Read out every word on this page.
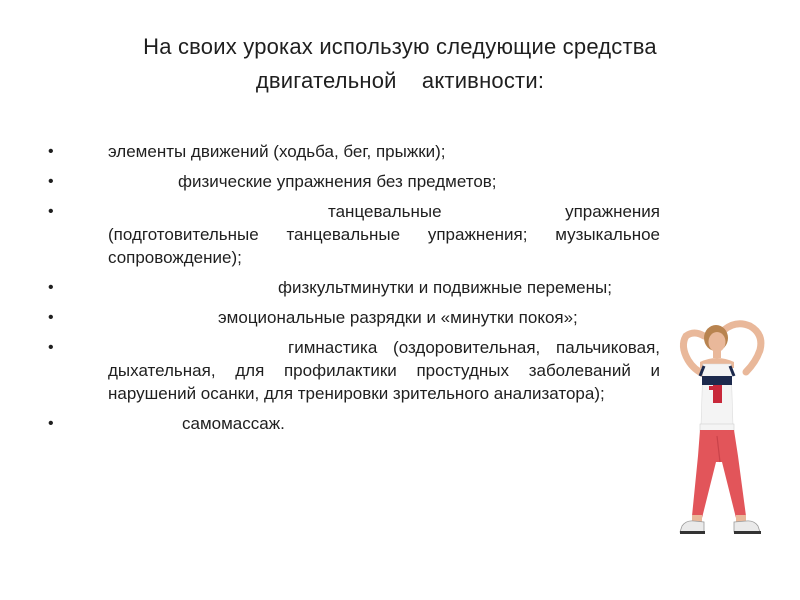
На своих уроках использую следующие средства
двигательной    активности:
•	элементы движений (ходьба, бег, прыжки);
•	физические упражнения без предметов;
•	танцевальные упражнения (подготовительные танцевальные упражнения; музыкальное сопровождение);
•	физкультминутки и подвижные перемены;
•	эмоциональные разрядки и «минутки покоя»;
•	гимнастика (оздоровительная, пальчиковая, дыхательная, для профилактики простудных заболеваний и нарушений осанки, для тренировки зрительного анализатора);
•	самомассаж.
